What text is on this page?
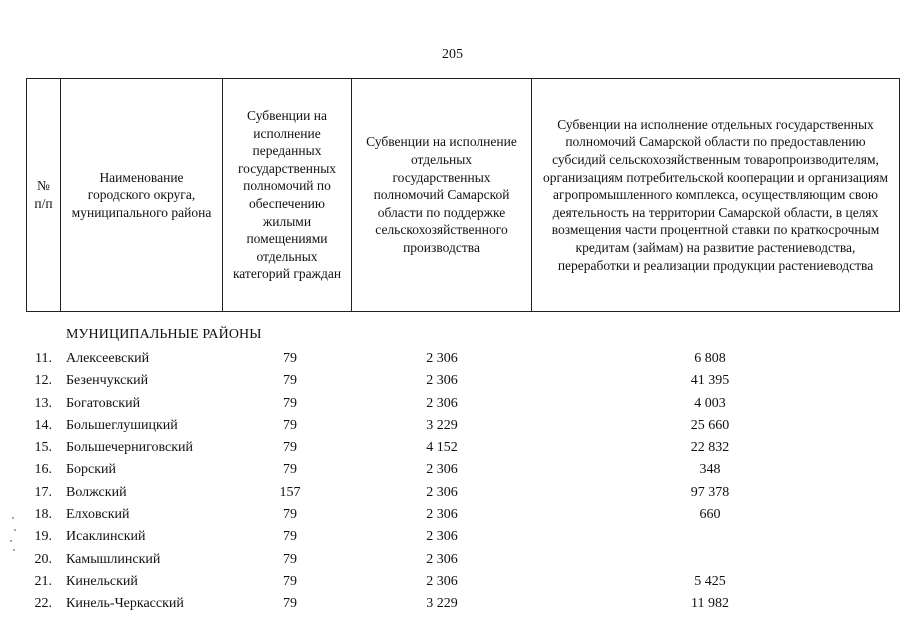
205
№ п/п	Наименование городского округа, муниципального района	Субвенции на исполнение переданных государственных полномочий по обеспечению жилыми помещениями отдельных категорий граждан	Субвенции на исполнение отдельных государственных полномочий Самарской области по поддержке сельскохозяйственного производства	Субвенции на исполнение отдельных государственных полномочий Самарской области по предоставлению субсидий сельскохозяйственным товаропроизводителям, организациям потребительской кооперации и организациям агропромышленного комплекса, осуществляющим свою деятельность на территории Самарской области, в целях возмещения части процентной ставки по краткосрочным кредитам (займам) на развитие растениеводства, переработки и реализации продукции растениеводства
МУНИЦИПАЛЬНЫЕ РАЙОНЫ
11. Алексеевский	79	2 306	6 808
12. Безенчукский	79	2 306	41 395
13. Богатовский	79	2 306	4 003
14. Большеглушицкий	79	3 229	25 660
15. Большечерниговский	79	4 152	22 832
16. Борский	79	2 306	348
17. Волжский	157	2 306	97 378
18. Елховский	79	2 306	660
19. Исаклинский	79	2 306
20. Камышлинский	79	2 306
21. Кинельский	79	2 306	5 425
22. Кинель-Черкасский	79	3 229	11 982
